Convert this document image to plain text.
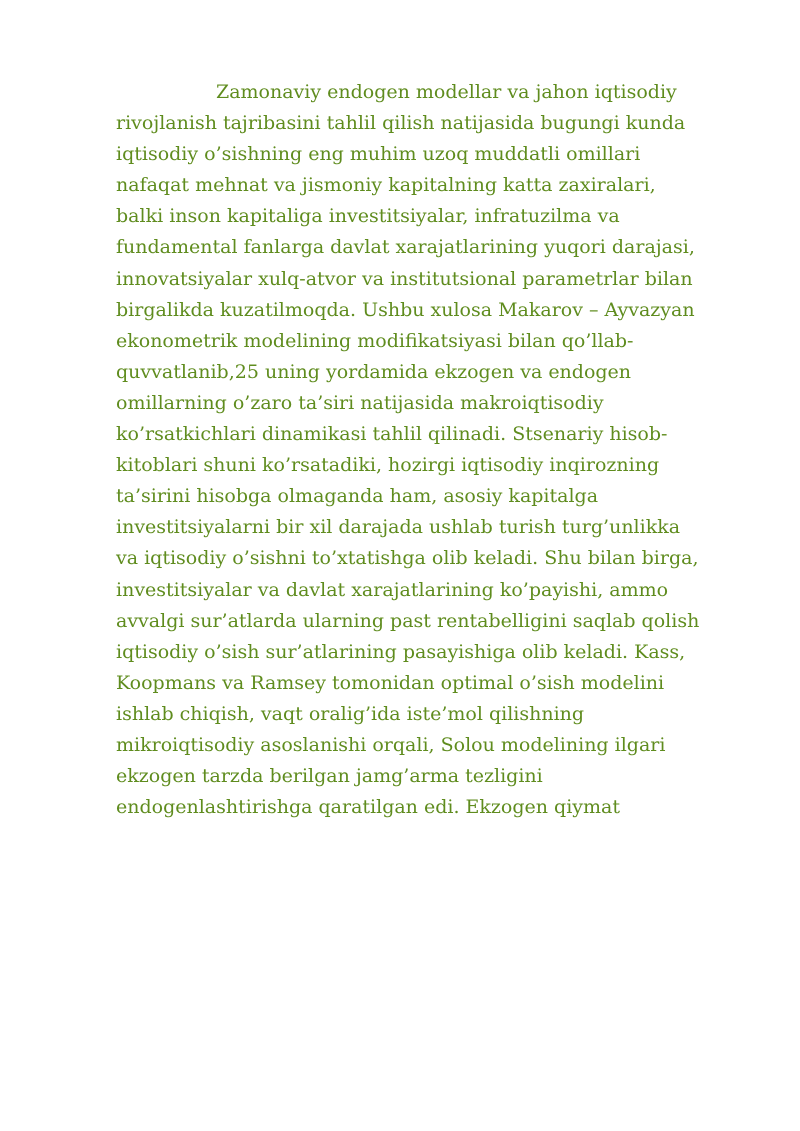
Zamonaviy endogen modellar va jahon iqtisodiy
rivojlanish tajribasini tahlil qilish natijasida bugungi kunda
iqtisodiy o’sishning eng muhim uzoq muddatli omillari
nafaqat mehnat va jismoniy kapitalning katta zaxiralari,
balki inson kapitaliga investitsiyalar, infratuzilma va
fundamental fanlarga davlat xarajatlarining yuqori darajasi,
innovatsiyalar xulq-atvor va institutsional parametrlar bilan
birgalikda kuzatilmoqda. Ushbu xulosa Makarov – Ayvazyan
ekonometrik modelining modifikatsiyasi bilan qo’llab-
quvvatlanib,25 uning yordamida ekzogen va endogen
omillarning o’zaro ta’siri natijasida makroiqtisodiy
ko’rsatkichlari dinamikasi tahlil qilinadi. Stsenariy hisob-
kitoblari shuni ko’rsatadiki, hozirgi iqtisodiy inqirozning
ta’sirini hisobga olmaganda ham, asosiy kapitalga
investitsiyalarni bir xil darajada ushlab turish turg’unlikka
va iqtisodiy o’sishni to’xtatishga olib keladi. Shu bilan birga,
investitsiyalar va davlat xarajatlarining ko’payishi, ammo
avvalgi sur’atlarda ularning past rentabelligini saqlab qolish
iqtisodiy o’sish sur’atlarining pasayishiga olib keladi. Kass,
Koopmans va Ramsey tomonidan optimal o’sish modelini
ishlab chiqish, vaqt oralig’ida iste’mol qilishning
mikroiqtisodiy asoslanishi orqali, Solou modelining ilgari
ekzogen tarzda berilgan jamg’arma tezligini
endogenlashtirishga qaratilgan edi. Ekzogen qiymat
